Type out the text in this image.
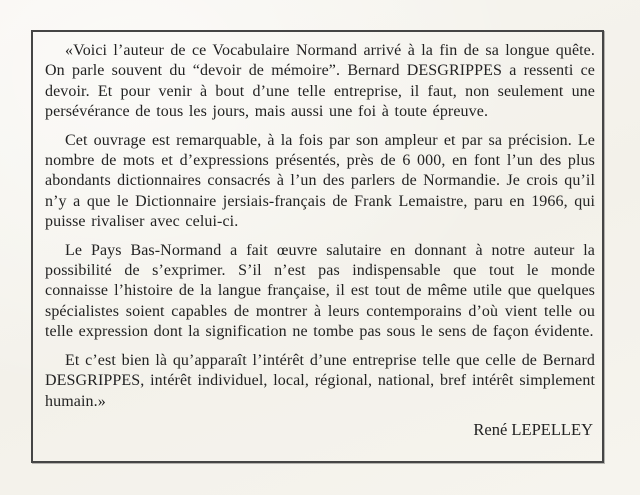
«Voici l’auteur de ce Vocabulaire Normand arrivé à la fin de sa longue quête. On parle souvent du “devoir de mémoire”. Bernard DESGRIPPES a ressenti ce devoir. Et pour venir à bout d’une telle entreprise, il faut, non seulement une persévérance de tous les jours, mais aussi une foi à toute épreuve.

Cet ouvrage est remarquable, à la fois par son ampleur et par sa précision. Le nombre de mots et d’expressions présentés, près de 6 000, en font l’un des plus abondants dictionnaires consacrés à l’un des parlers de Normandie. Je crois qu’il n’y a que le Dictionnaire jersiais-français de Frank Lemaistre, paru en 1966, qui puisse rivaliser avec celui-ci.

Le Pays Bas-Normand a fait œuvre salutaire en donnant à notre auteur la possibilité de s’exprimer. S’il n’est pas indispensable que tout le monde connaisse l’histoire de la langue française, il est tout de même utile que quelques spécialistes soient capables de montrer à leurs contemporains d’où vient telle ou telle expression dont la signification ne tombe pas sous le sens de façon évidente.

Et c’est bien là qu’apparaît l’intérêt d’une entreprise telle que celle de Bernard DESGRIPPES, intérêt individuel, local, régional, national, bref intérêt simplement humain.»

René LEPELLEY
